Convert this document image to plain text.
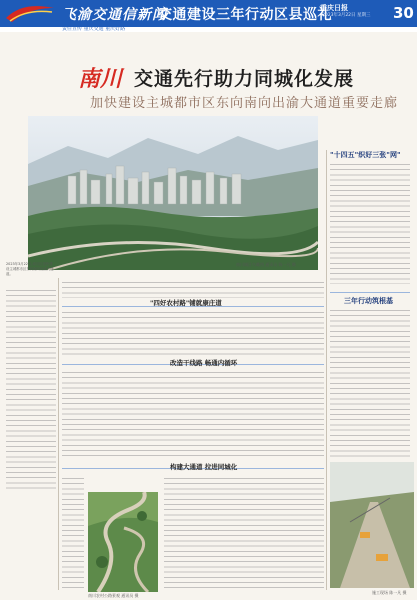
飞渝交通信新闻
交通建设三年行动区县巡礼
责任宣传 重庆交通 重庆好路
重庆日报
2023年3月22日 星期三	30
南川 交通先行助力同城化发展
加快建设主城都市区东向南向出渝大通道重要走廊
南川城区鸟瞰图 通讯员 陈一凡 摄
"十四五"织好三张"网"
三年行动筑根基
2023年3月22日,南川区加快建设主城都市区东向南向出渝大通道。
"四好农村路"铺就康庄道
改造干线路 畅通内循环
构建大通道 拉进同城化
南川农村公路景观 通讯员 摄
施工现场 陈一凡 摄
